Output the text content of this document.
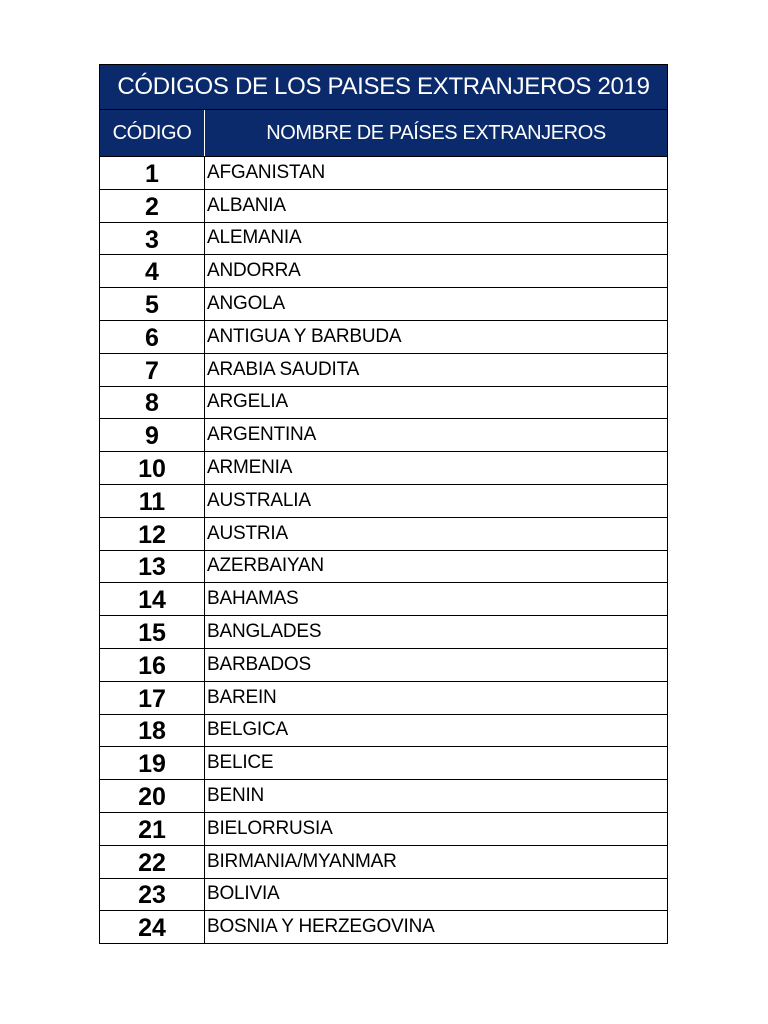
CÓDIGOS DE LOS PAISES EXTRANJEROS 2019
CÓDIGO	NOMBRE DE PAÍSES EXTRANJEROS
1	AFGANISTAN
2	ALBANIA
3	ALEMANIA
4	ANDORRA
5	ANGOLA
6	ANTIGUA Y BARBUDA
7	ARABIA SAUDITA
8	ARGELIA
9	ARGENTINA
10	ARMENIA
11	AUSTRALIA
12	AUSTRIA
13	AZERBAIYAN
14	BAHAMAS
15	BANGLADES
16	BARBADOS
17	BAREIN
18	BELGICA
19	BELICE
20	BENIN
21	BIELORRUSIA
22	BIRMANIA/MYANMAR
23	BOLIVIA
24	BOSNIA Y HERZEGOVINA
